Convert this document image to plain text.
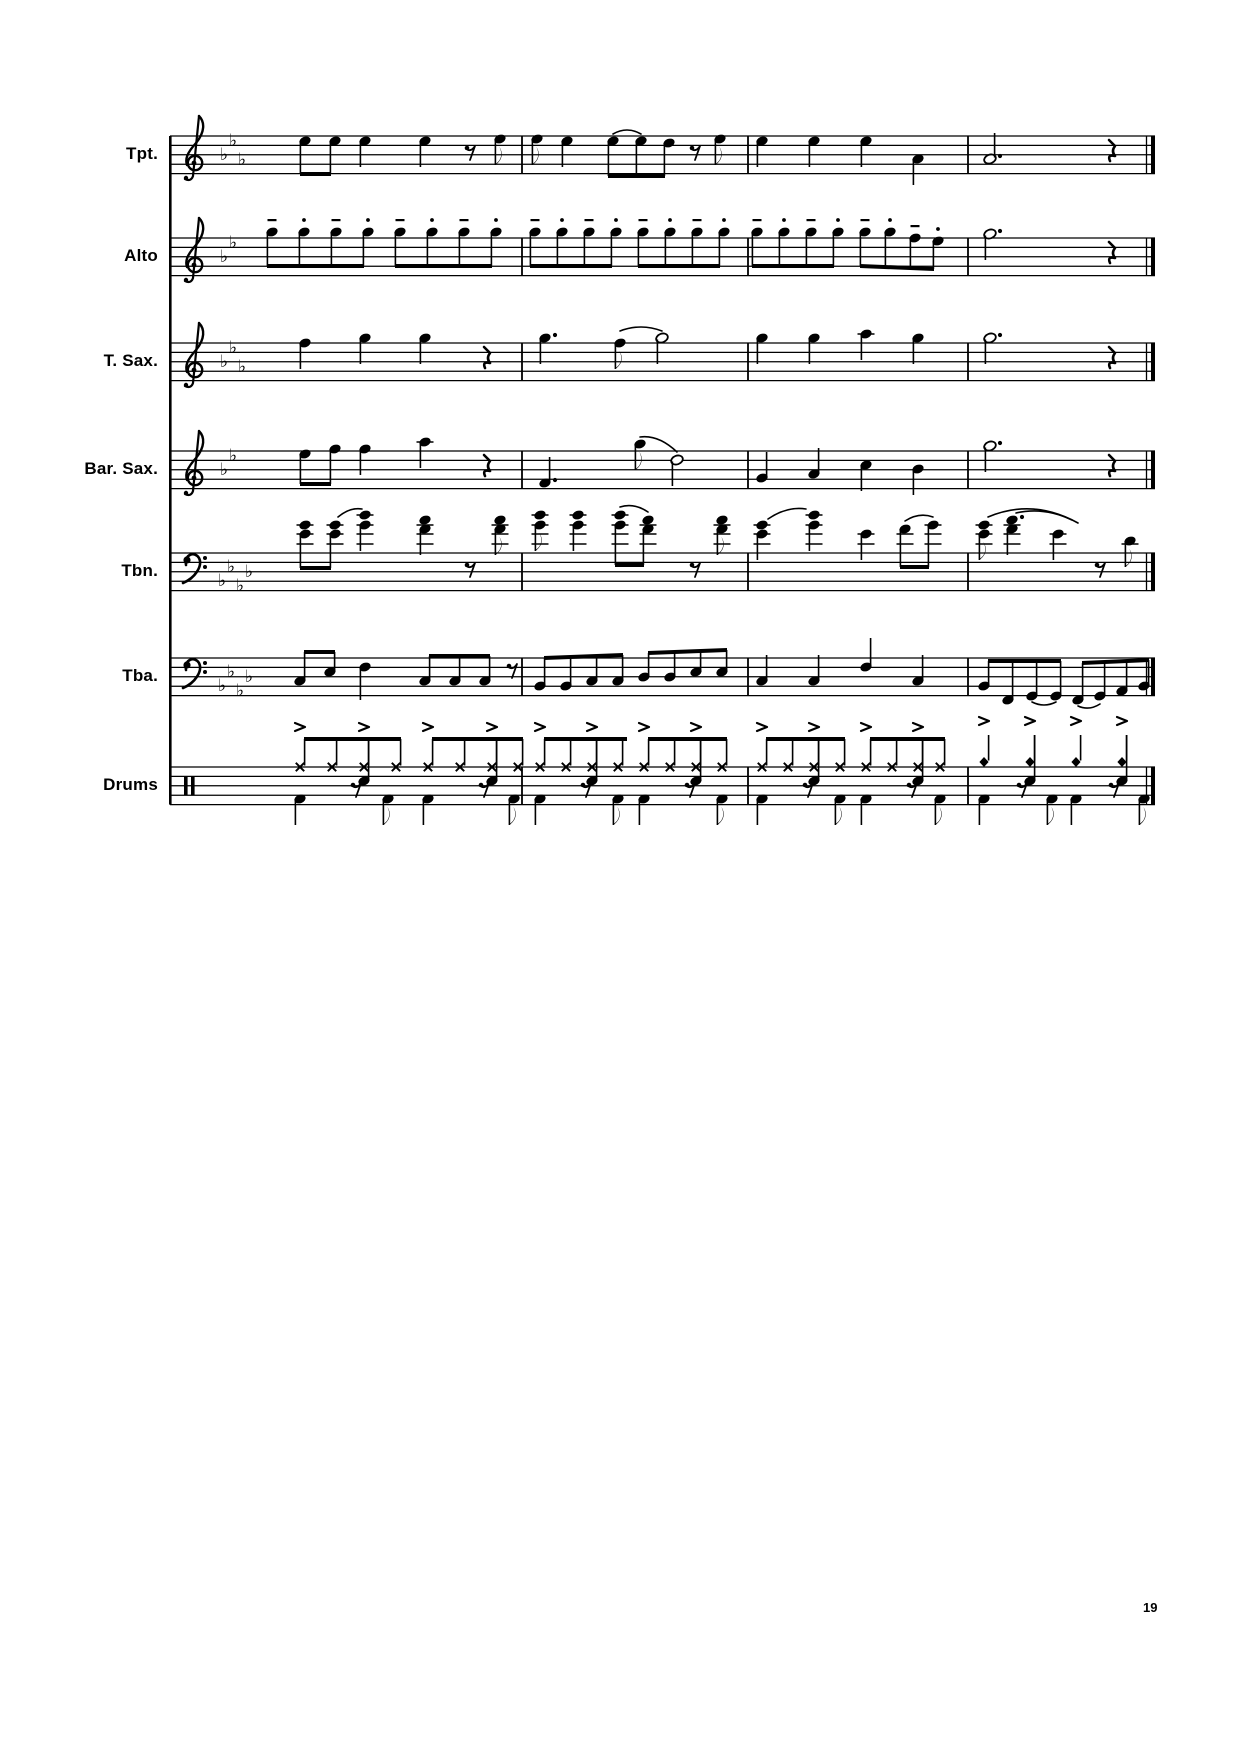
♭
♭
♭
♭
♭
♭
♭
♭
♭
♭
♭
♭
♭
♭
♭
♭
♭
♭
Tpt.
Alto
T. Sax.
Bar. Sax.
Tbn.
Tba.
Drums
19
